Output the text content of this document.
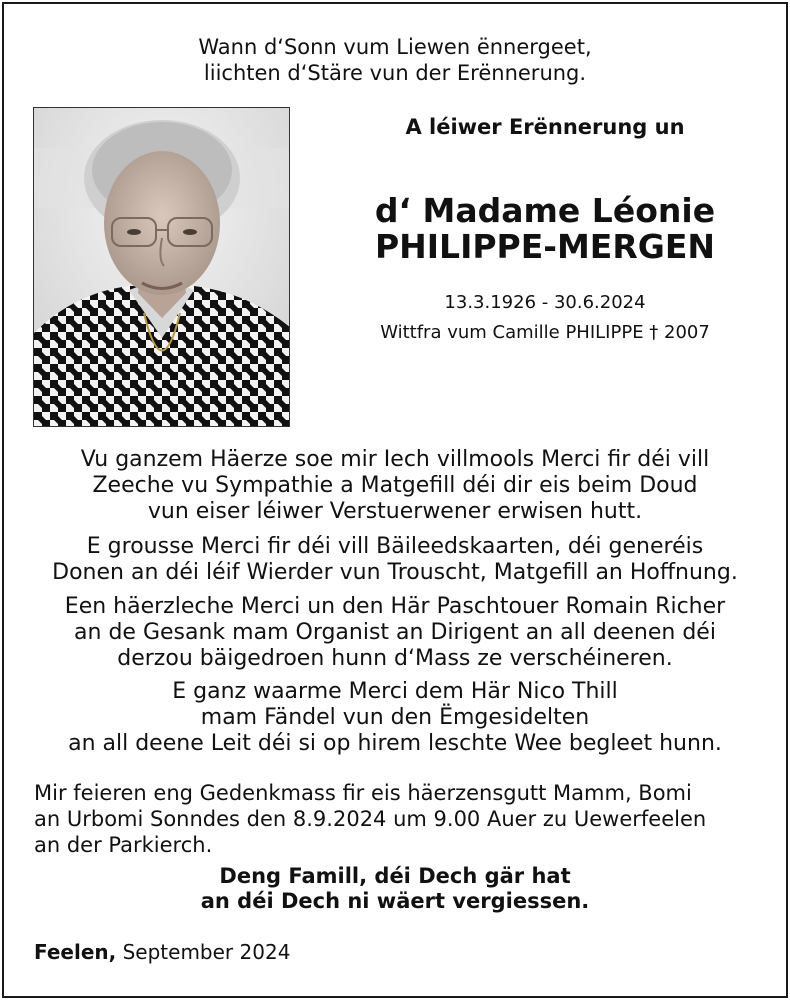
Wann d‘Sonn vum Liewen ënnergeet,
liichten d‘Stäre vun der Erënnerung.
A léiwer Erënnerung un
d‘ Madame Léonie
PHILIPPE-MERGEN
13.3.1926 - 30.6.2024
Wittfra vum Camille PHILIPPE † 2007
Vu ganzem Häerze soe mir Iech villmools Merci fir déi vill
Zeeche vu Sympathie a Matgefill déi dir eis beim Doud
vun eiser léiwer Verstuerwener erwisen hutt.
E grousse Merci fir déi vill Bäileedskaarten, déi generéis
Donen an déi léif Wierder vun Trouscht, Matgefill an Hoffnung.
Een häerzleche Merci un den Här Paschtouer Romain Richer
an de Gesank mam Organist an Dirigent an all deenen déi
derzou bäigedroen hunn d‘Mass ze verschéineren.
E ganz waarme Merci dem Här Nico Thill
mam Fändel vun den Ëmgesidelten
an all deene Leit déi si op hirem leschte Wee begleet hunn.
Mir feieren eng Gedenkmass fir eis häerzensgutt Mamm, Bomi
an Urbomi Sonndes den 8.9.2024 um 9.00 Auer zu Uewerfeelen
an der Parkierch.
Deng Famill, déi Dech gär hat
an déi Dech ni wäert vergiessen.
Feelen, September 2024
